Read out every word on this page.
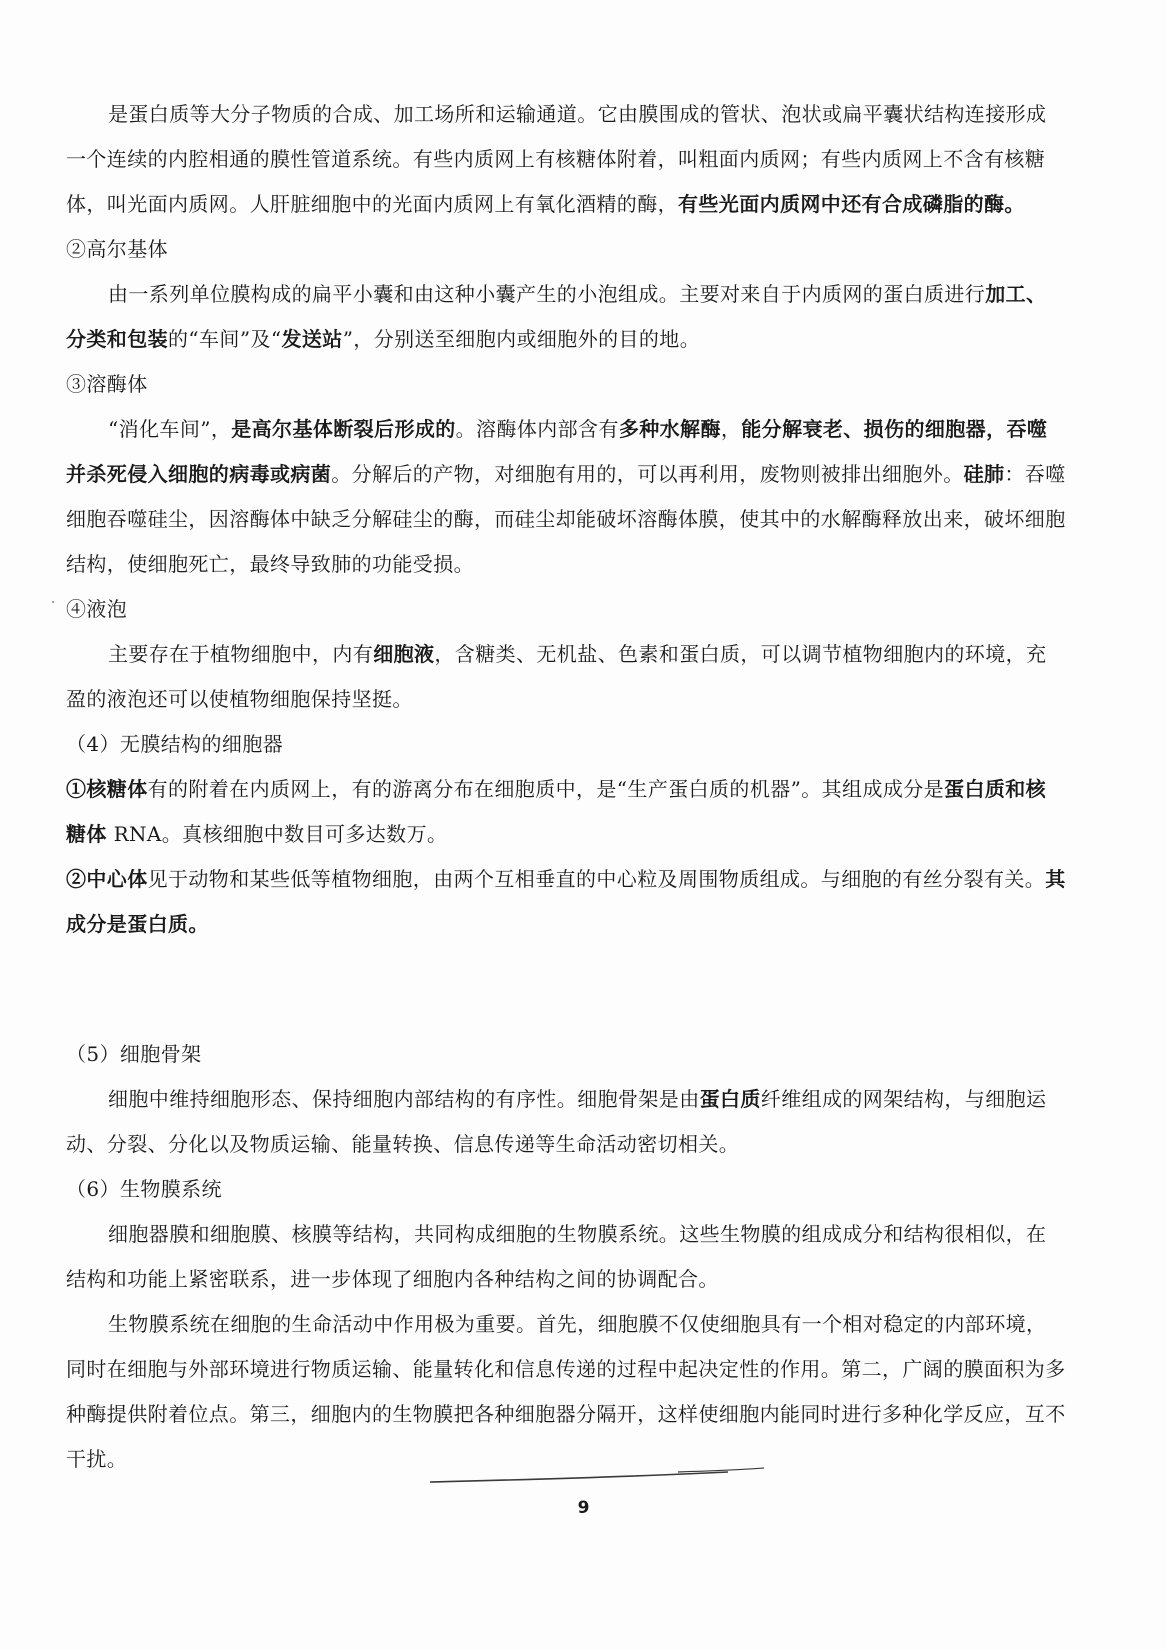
是蛋白质等大分子物质的合成、加工场所和运输通道。它由膜围成的管状、泡状或扁平囊状结构连接形成一个连续的内腔相通的膜性管道系统。有些内质网上有核糖体附着，叫粗面内质网；有些内质网上不含有核糖体，叫光面内质网。人肝脏细胞中的光面内质网上有氧化酒精的酶，有些光面内质网中还有合成磷脂的酶。

②高尔基体

由一系列单位膜构成的扁平小囊和由这种小囊产生的小泡组成。主要对来自于内质网的蛋白质进行加工、分类和包装的“车间”及“发送站”，分别送至细胞内或细胞外的目的地。

③溶酶体

“消化车间”，是高尔基体断裂后形成的。溶酶体内部含有多种水解酶，能分解衰老、损伤的细胞器，吞噬并杀死侵入细胞的病毒或病菌。分解后的产物，对细胞有用的，可以再利用，废物则被排出细胞外。硅肺：吞噬细胞吞噬硅尘，因溶酶体中缺乏分解硅尘的酶，而硅尘却能破坏溶酶体膜，使其中的水解酶释放出来，破坏细胞结构，使细胞死亡，最终导致肺的功能受损。

④液泡

主要存在于植物细胞中，内有细胞液，含糖类、无机盐、色素和蛋白质，可以调节植物细胞内的环境，充盈的液泡还可以使植物细胞保持坚挺。

（4）无膜结构的细胞器

①核糖体有的附着在内质网上，有的游离分布在细胞质中，是“生产蛋白质的机器”。其组成成分是蛋白质和核糖体 RNA。真核细胞中数目可多达数万。

②中心体见于动物和某些低等植物细胞，由两个互相垂直的中心粒及周围物质组成。与细胞的有丝分裂有关。其成分是蛋白质。

（5）细胞骨架

细胞中维持细胞形态、保持细胞内部结构的有序性。细胞骨架是由蛋白质纤维组成的网架结构，与细胞运动、分裂、分化以及物质运输、能量转换、信息传递等生命活动密切相关。

（6）生物膜系统

细胞器膜和细胞膜、核膜等结构，共同构成细胞的生物膜系统。这些生物膜的组成成分和结构很相似，在结构和功能上紧密联系，进一步体现了细胞内各种结构之间的协调配合。

生物膜系统在细胞的生命活动中作用极为重要。首先，细胞膜不仅使细胞具有一个相对稳定的内部环境，同时在细胞与外部环境进行物质运输、能量转化和信息传递的过程中起决定性的作用。第二，广阔的膜面积为多种酶提供附着位点。第三，细胞内的生物膜把各种细胞器分隔开，这样使细胞内能同时进行多种化学反应，互不干扰。

9
